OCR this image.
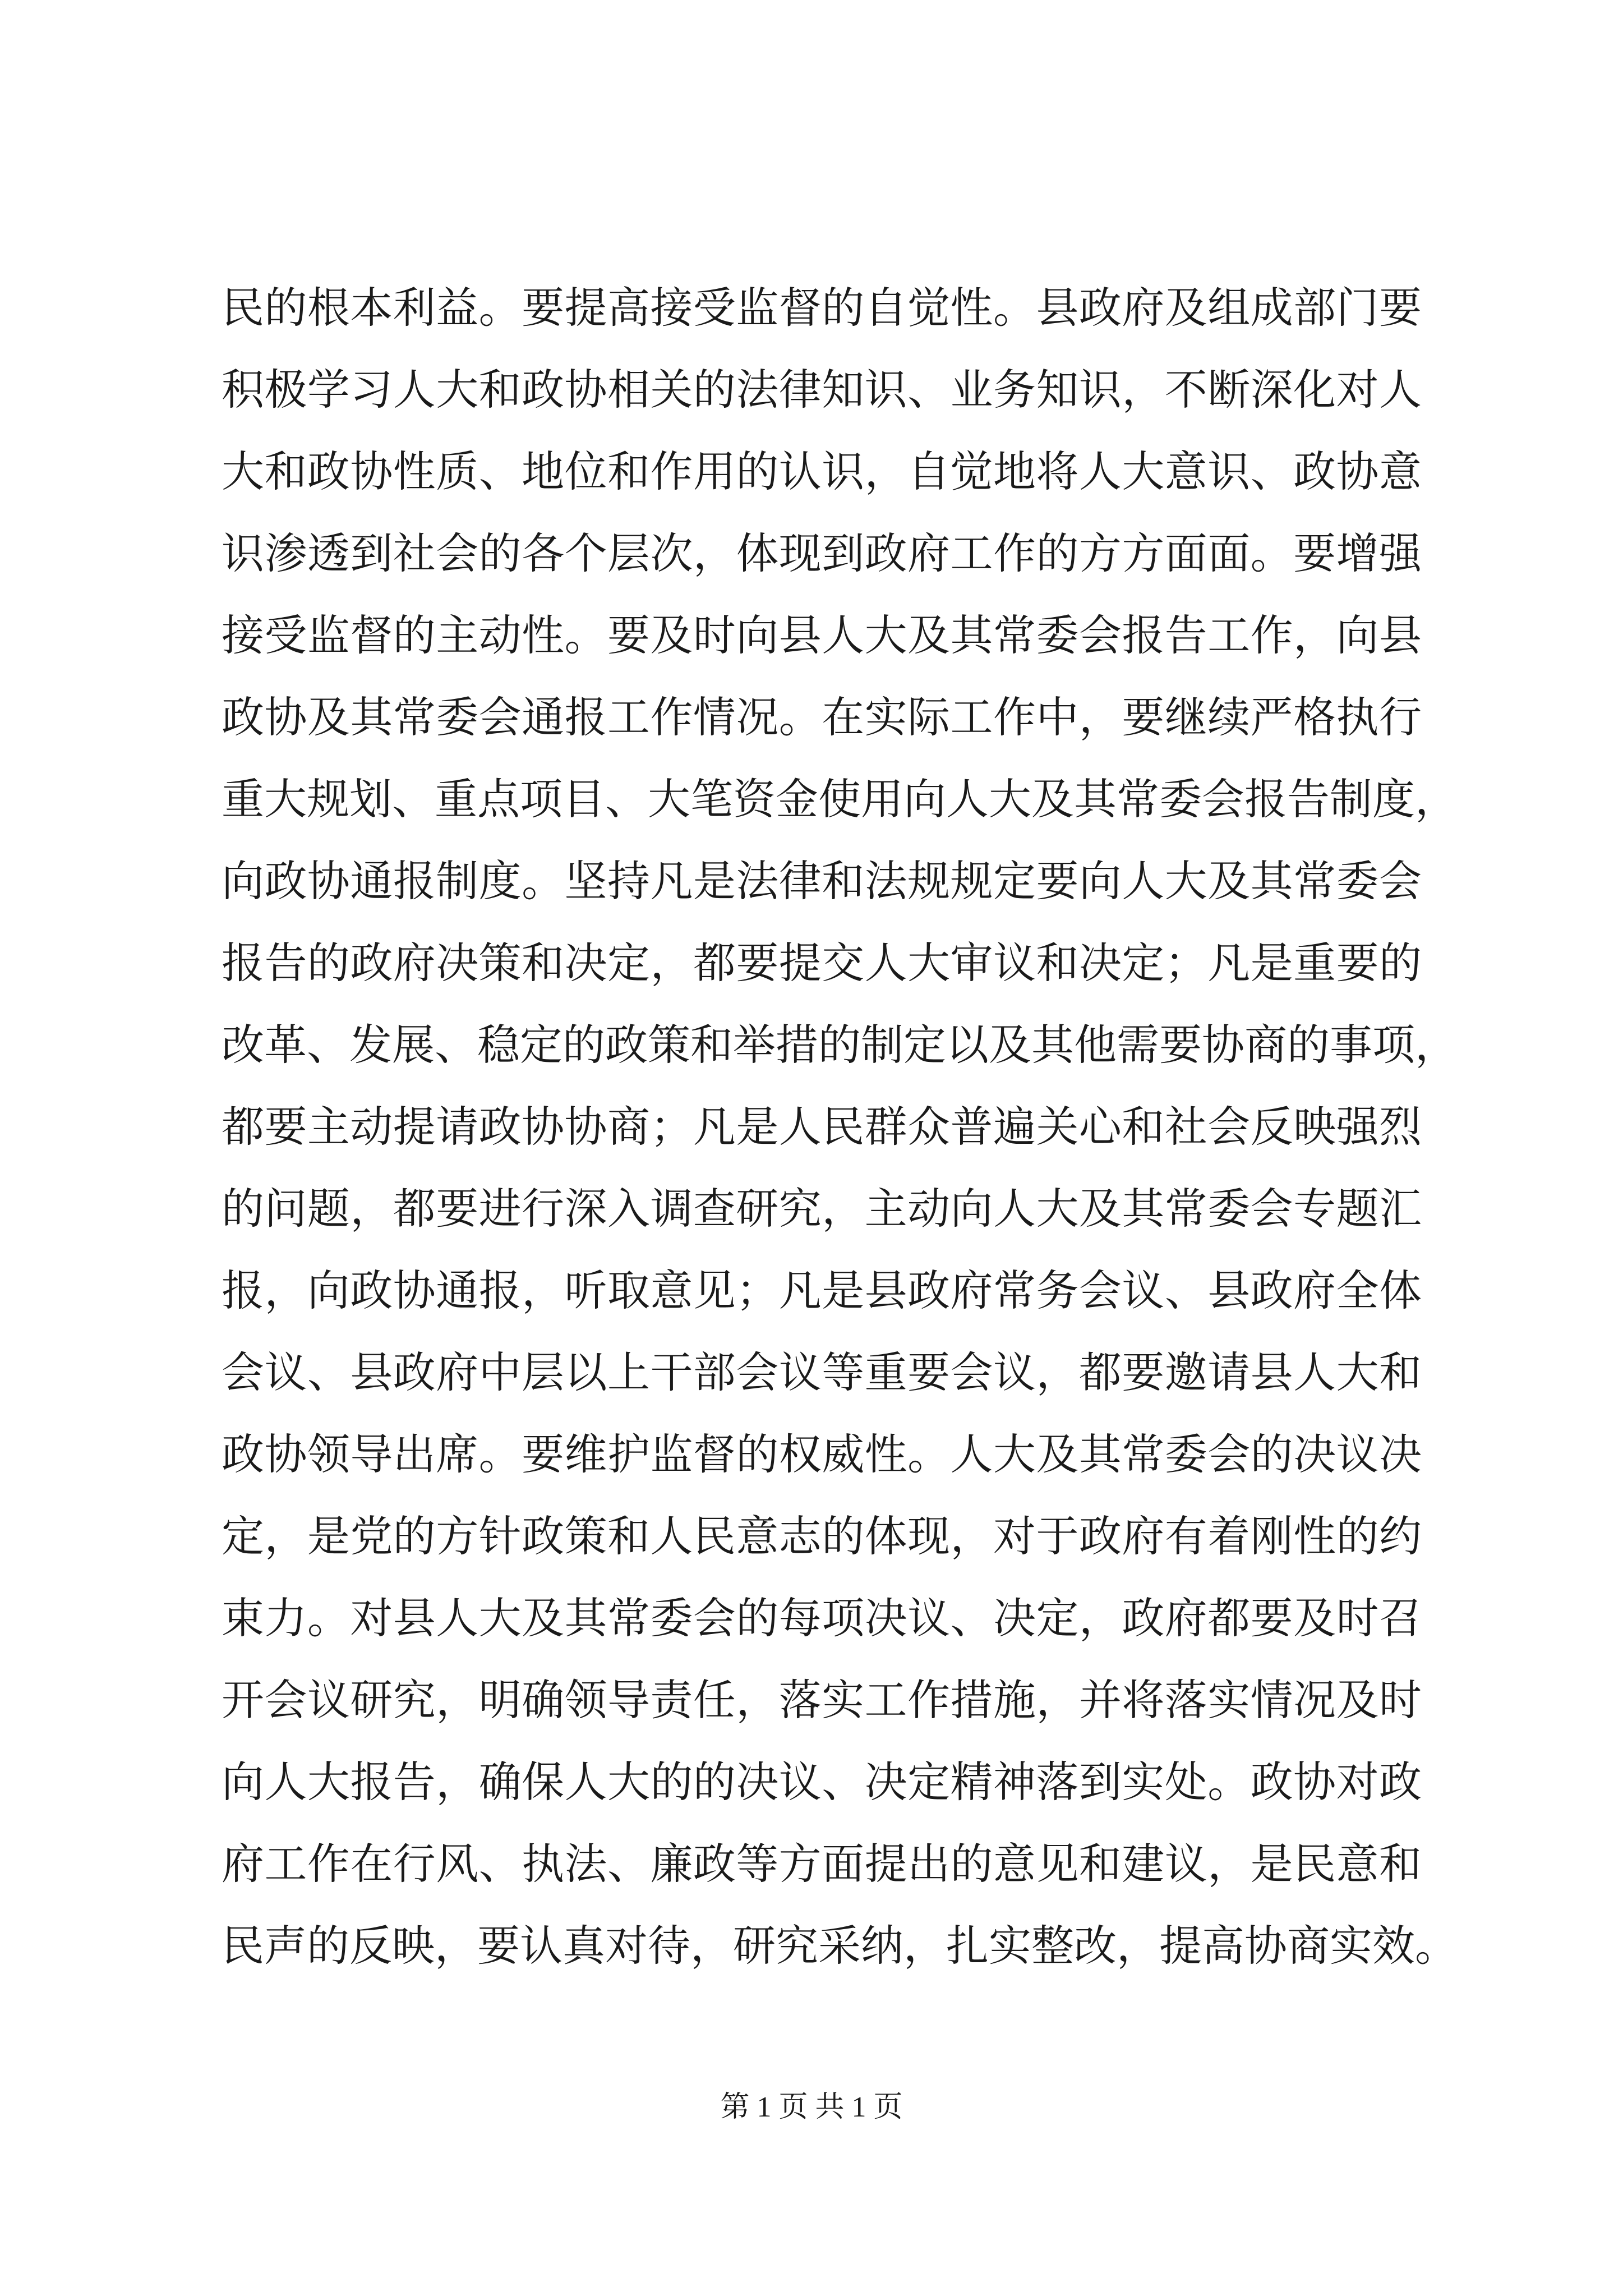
民的根本利益。要提高接受监督的自觉性。县政府及组成部门要
积极学习人大和政协相关的法律知识、业务知识，不断深化对人
大和政协性质、地位和作用的认识，自觉地将人大意识、政协意
识渗透到社会的各个层次，体现到政府工作的方方面面。要增强
接受监督的主动性。要及时向县人大及其常委会报告工作，向县
政协及其常委会通报工作情况。在实际工作中，要继续严格执行
重大规划、重点项目、大笔资金使用向人大及其常委会报告制度，
向政协通报制度。坚持凡是法律和法规规定要向人大及其常委会
报告的政府决策和决定，都要提交人大审议和决定；凡是重要的
改革、发展、稳定的政策和举措的制定以及其他需要协商的事项，
都要主动提请政协协商；凡是人民群众普遍关心和社会反映强烈
的问题，都要进行深入调查研究，主动向人大及其常委会专题汇
报，向政协通报，听取意见；凡是县政府常务会议、县政府全体
会议、县政府中层以上干部会议等重要会议，都要邀请县人大和
政协领导出席。要维护监督的权威性。人大及其常委会的决议决
定，是党的方针政策和人民意志的体现，对于政府有着刚性的约
束力。对县人大及其常委会的每项决议、决定，政府都要及时召
开会议研究，明确领导责任，落实工作措施，并将落实情况及时
向人大报告，确保人大的的决议、决定精神落到实处。政协对政
府工作在行风、执法、廉政等方面提出的意见和建议，是民意和
民声的反映，要认真对待，研究采纳，扎实整改，提高协商实效。
第 1 页 共 1 页
